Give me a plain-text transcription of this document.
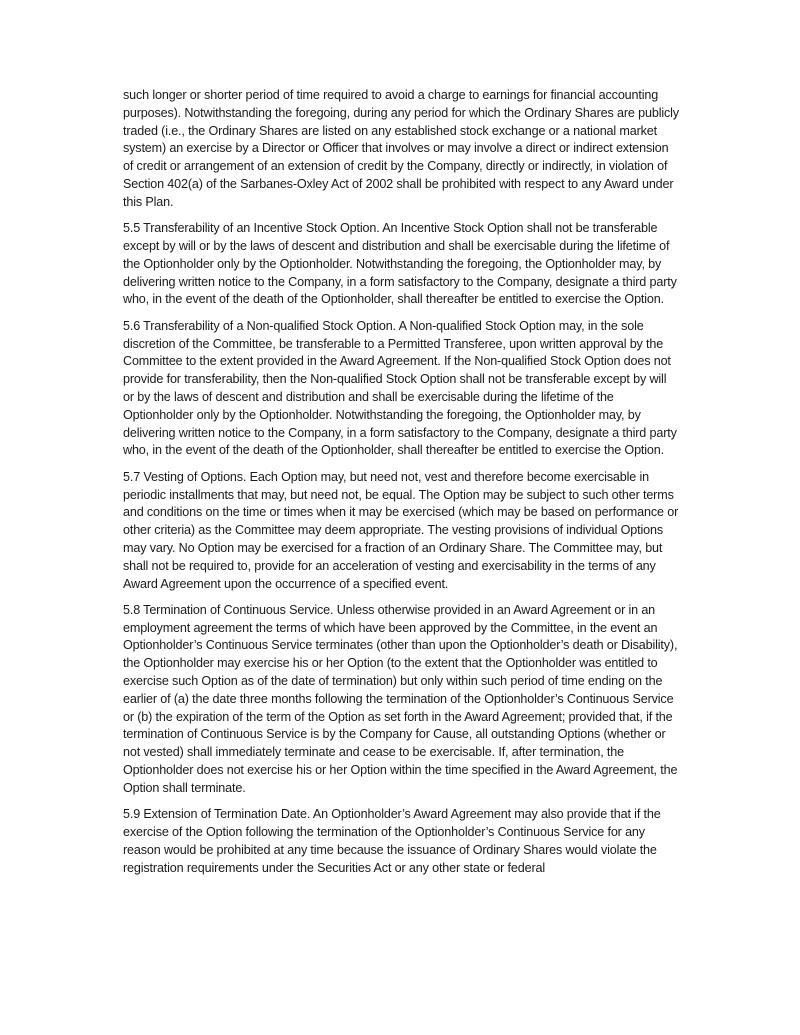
such longer or shorter period of time required to avoid a charge to earnings for financial accounting purposes). Notwithstanding the foregoing, during any period for which the Ordinary Shares are publicly traded (i.e., the Ordinary Shares are listed on any established stock exchange or a national market system) an exercise by a Director or Officer that involves or may involve a direct or indirect extension of credit or arrangement of an extension of credit by the Company, directly or indirectly, in violation of Section 402(a) of the Sarbanes-Oxley Act of 2002 shall be prohibited with respect to any Award under this Plan.

5.5 Transferability of an Incentive Stock Option. An Incentive Stock Option shall not be transferable except by will or by the laws of descent and distribution and shall be exercisable during the lifetime of the Optionholder only by the Optionholder. Notwithstanding the foregoing, the Optionholder may, by delivering written notice to the Company, in a form satisfactory to the Company, designate a third party who, in the event of the death of the Optionholder, shall thereafter be entitled to exercise the Option.

5.6 Transferability of a Non-qualified Stock Option. A Non-qualified Stock Option may, in the sole discretion of the Committee, be transferable to a Permitted Transferee, upon written approval by the Committee to the extent provided in the Award Agreement. If the Non-qualified Stock Option does not provide for transferability, then the Non-qualified Stock Option shall not be transferable except by will or by the laws of descent and distribution and shall be exercisable during the lifetime of the Optionholder only by the Optionholder. Notwithstanding the foregoing, the Optionholder may, by delivering written notice to the Company, in a form satisfactory to the Company, designate a third party who, in the event of the death of the Optionholder, shall thereafter be entitled to exercise the Option.

5.7 Vesting of Options. Each Option may, but need not, vest and therefore become exercisable in periodic installments that may, but need not, be equal. The Option may be subject to such other terms and conditions on the time or times when it may be exercised (which may be based on performance or other criteria) as the Committee may deem appropriate. The vesting provisions of individual Options may vary. No Option may be exercised for a fraction of an Ordinary Share. The Committee may, but shall not be required to, provide for an acceleration of vesting and exercisability in the terms of any Award Agreement upon the occurrence of a specified event.

5.8 Termination of Continuous Service. Unless otherwise provided in an Award Agreement or in an employment agreement the terms of which have been approved by the Committee, in the event an Optionholder’s Continuous Service terminates (other than upon the Optionholder’s death or Disability), the Optionholder may exercise his or her Option (to the extent that the Optionholder was entitled to exercise such Option as of the date of termination) but only within such period of time ending on the earlier of (a) the date three months following the termination of the Optionholder’s Continuous Service or (b) the expiration of the term of the Option as set forth in the Award Agreement; provided that, if the termination of Continuous Service is by the Company for Cause, all outstanding Options (whether or not vested) shall immediately terminate and cease to be exercisable. If, after termination, the Optionholder does not exercise his or her Option within the time specified in the Award Agreement, the Option shall terminate.

5.9 Extension of Termination Date. An Optionholder’s Award Agreement may also provide that if the exercise of the Option following the termination of the Optionholder’s Continuous Service for any reason would be prohibited at any time because the issuance of Ordinary Shares would violate the registration requirements under the Securities Act or any other state or federal
